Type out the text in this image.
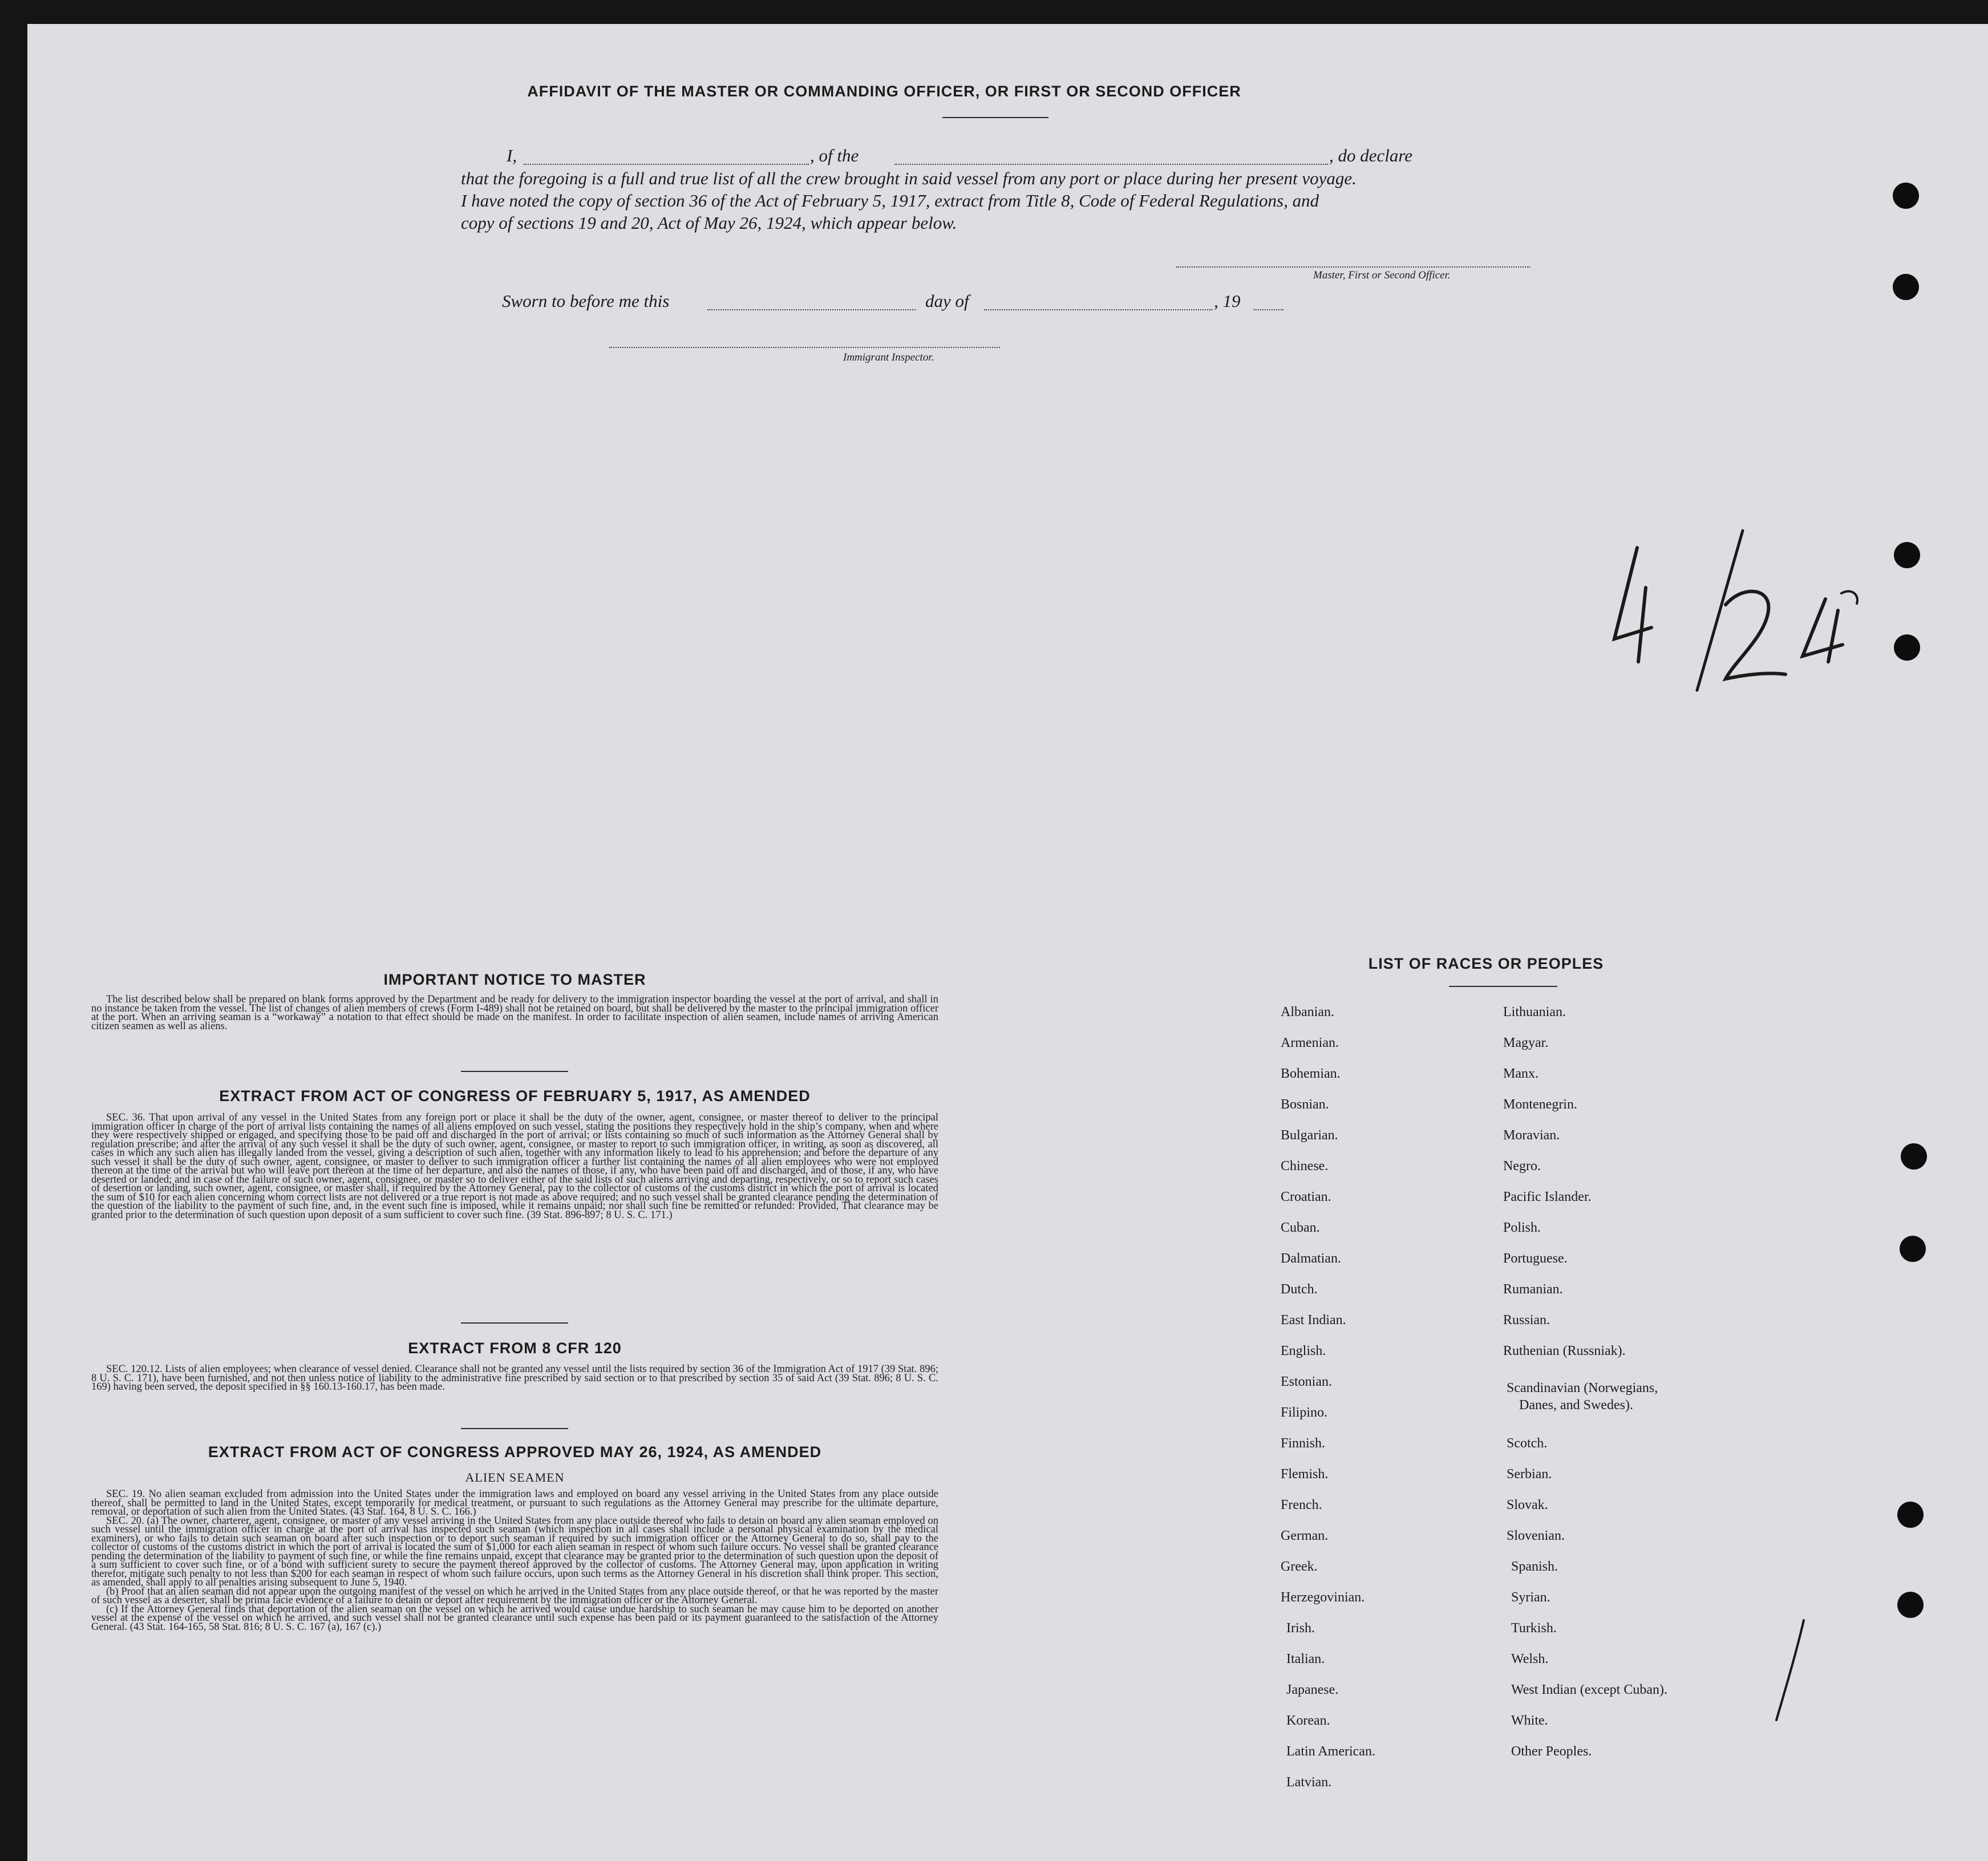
AFFIDAVIT OF THE MASTER OR COMMANDING OFFICER, OR FIRST OR SECOND OFFICER
I,	, of the	, do declare
that the foregoing is a full and true list of all the crew brought in said vessel from any port or place during her present voyage.
I have noted the copy of section 36 of the Act of February 5, 1917, extract from Title 8, Code of Federal Regulations, and
copy of sections 19 and 20, Act of May 26, 1924, which appear below.
Master, First or Second Officer.
Sworn to before me this	day of	, 19
Immigrant Inspector.
IMPORTANT NOTICE TO MASTER

The list described below shall be prepared on blank forms approved by the Department and be ready for delivery to the immigration inspector boarding the vessel at the port of arrival, and shall in no instance be taken from the vessel. The list of changes of alien members of crews (Form I-489) shall not be retained on board, but shall be delivered by the master to the principal immigration officer at the port. When an arriving seaman is a “workaway” a notation to that effect should be made on the manifest. In order to facilitate inspection of alien seamen, include names of arriving American citizen seamen as well as aliens.

EXTRACT FROM ACT OF CONGRESS OF FEBRUARY 5, 1917, AS AMENDED

SEC. 36. That upon arrival of any vessel in the United States from any foreign port or place it shall be the duty of the owner, agent, consignee, or master thereof to deliver to the principal immigration officer in charge of the port of arrival lists containing the names of all aliens employed on such vessel, stating the positions they respectively hold in the ship’s company, when and where they were respectively shipped or engaged, and specifying those to be paid off and discharged in the port of arrival; or lists containing so much of such information as the Attorney General shall by regulation prescribe; and after the arrival of any such vessel it shall be the duty of such owner, agent, consignee, or master to report to such immigration officer, in writing, as soon as discovered, all cases in which any such alien has illegally landed from the vessel, giving a description of such alien, together with any information likely to lead to his apprehension; and before the departure of any such vessel it shall be the duty of such owner, agent, consignee, or master to deliver to such immigration officer a further list containing the names of all alien employees who were not employed thereon at the time of the arrival but who will leave port thereon at the time of her departure, and also the names of those, if any, who have been paid off and discharged, and of those, if any, who have deserted or landed; and in case of the failure of such owner, agent, consignee, or master so to deliver either of the said lists of such aliens arriving and departing, respectively, or so to report such cases of desertion or landing, such owner, agent, consignee, or master shall, if required by the Attorney General, pay to the collector of customs of the customs district in which the port of arrival is located the sum of $10 for each alien concerning whom correct lists are not delivered or a true report is not made as above required; and no such vessel shall be granted clearance pending the determination of the question of the liability to the payment of such fine, and, in the event such fine is imposed, while it remains unpaid; nor shall such fine be remitted or refunded: Provided, That clearance may be granted prior to the determination of such question upon deposit of a sum sufficient to cover such fine. (39 Stat. 896-897; 8 U. S. C. 171.)

EXTRACT FROM 8 CFR 120

SEC. 120.12. Lists of alien employees; when clearance of vessel denied. Clearance shall not be granted any vessel until the lists required by section 36 of the Immigration Act of 1917 (39 Stat. 896; 8 U. S. C. 171), have been furnished, and not then unless notice of liability to the administrative fine prescribed by said section or to that prescribed by section 35 of said Act (39 Stat. 896; 8 U. S. C. 169) having been served, the deposit specified in §§ 160.13-160.17, has been made.

EXTRACT FROM ACT OF CONGRESS APPROVED MAY 26, 1924, AS AMENDED
ALIEN SEAMEN

SEC. 19. No alien seaman excluded from admission into the United States under the immigration laws and employed on board any vessel arriving in the United States from any place outside thereof, shall be permitted to land in the United States, except temporarily for medical treatment, or pursuant to such regulations as the Attorney General may prescribe for the ultimate departure, removal, or deportation of such alien from the United States. (43 Stat. 164, 8 U. S. C. 166.)

SEC. 20. (a) The owner, charterer, agent, consignee, or master of any vessel arriving in the United States from any place outside thereof who fails to detain on board any alien seaman employed on such vessel until the immigration officer in charge at the port of arrival has inspected such seaman (which inspection in all cases shall include a personal physical examination by the medical examiners), or who fails to detain such seaman on board after such inspection or to deport such seaman if required by such immigration officer or the Attorney General to do so, shall pay to the collector of customs of the customs district in which the port of arrival is located the sum of $1,000 for each alien seaman in respect of whom such failure occurs. No vessel shall be granted clearance pending the determination of the liability to payment of such fine, or while the fine remains unpaid, except that clearance may be granted prior to the determination of such question upon the deposit of a sum sufficient to cover such fine, or of a bond with sufficient surety to secure the payment thereof approved by the collector of customs. The Attorney General may, upon application in writing therefor, mitigate such penalty to not less than $200 for each seaman in respect of whom such failure occurs, upon such terms as the Attorney General in his discretion shall think proper. This section, as amended, shall apply to all penalties arising subsequent to June 5, 1940.

(b) Proof that an alien seaman did not appear upon the outgoing manifest of the vessel on which he arrived in the United States from any place outside thereof, or that he was reported by the master of such vessel as a deserter, shall be prima facie evidence of a failure to detain or deport after requirement by the immigration officer or the Attorney General.

(c) If the Attorney General finds that deportation of the alien seaman on the vessel on which he arrived would cause undue hardship to such seaman he may cause him to be deported on another vessel at the expense of the vessel on which he arrived, and such vessel shall not be granted clearance until such expense has been paid or its payment guaranteed to the satisfaction of the Attorney General. (43 Stat. 164-165, 58 Stat. 816; 8 U. S. C. 167 (a), 167 (c).)

LIST OF RACES OR PEOPLES
Albanian.
Armenian.
Bohemian.
Bosnian.
Bulgarian.
Chinese.
Croatian.
Cuban.
Dalmatian.
Dutch.
East Indian.
English.
Estonian.
Filipino.
Finnish.
Flemish.
French.
German.
Greek.
Herzegovinian.
Irish.
Italian.
Japanese.
Korean.
Latin American.
Latvian.
Lithuanian.
Magyar.
Manx.
Montenegrin.
Moravian.
Negro.
Pacific Islander.
Polish.
Portuguese.
Rumanian.
Russian.
Ruthenian (Russniak).
Scandinavian (Norwegians,
Danes, and Swedes).
Scotch.
Serbian.
Slovak.
Slovenian.
Spanish.
Syrian.
Turkish.
Welsh.
West Indian (except Cuban).
White.
Other Peoples.
